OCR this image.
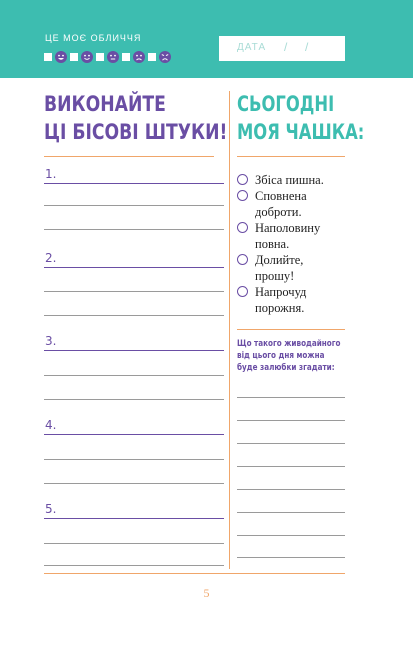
ЦЕ МОЄ ОБЛИЧЧЯ
ДАТА / /
ВИКОНАЙТЕ
ЦІ БІСОВІ ШТУКИ!
СЬОГОДНІ
МОЯ ЧАШКА:
1.
2.
3.
4.
5.
Збіса пишна.
Сповнена
доброти.
Наполовину
повна.
Долийте,
прошу!
Напрочуд
порожня.
Що такого живодайного
від цього дня можна
буде залюбки згадати:
5
